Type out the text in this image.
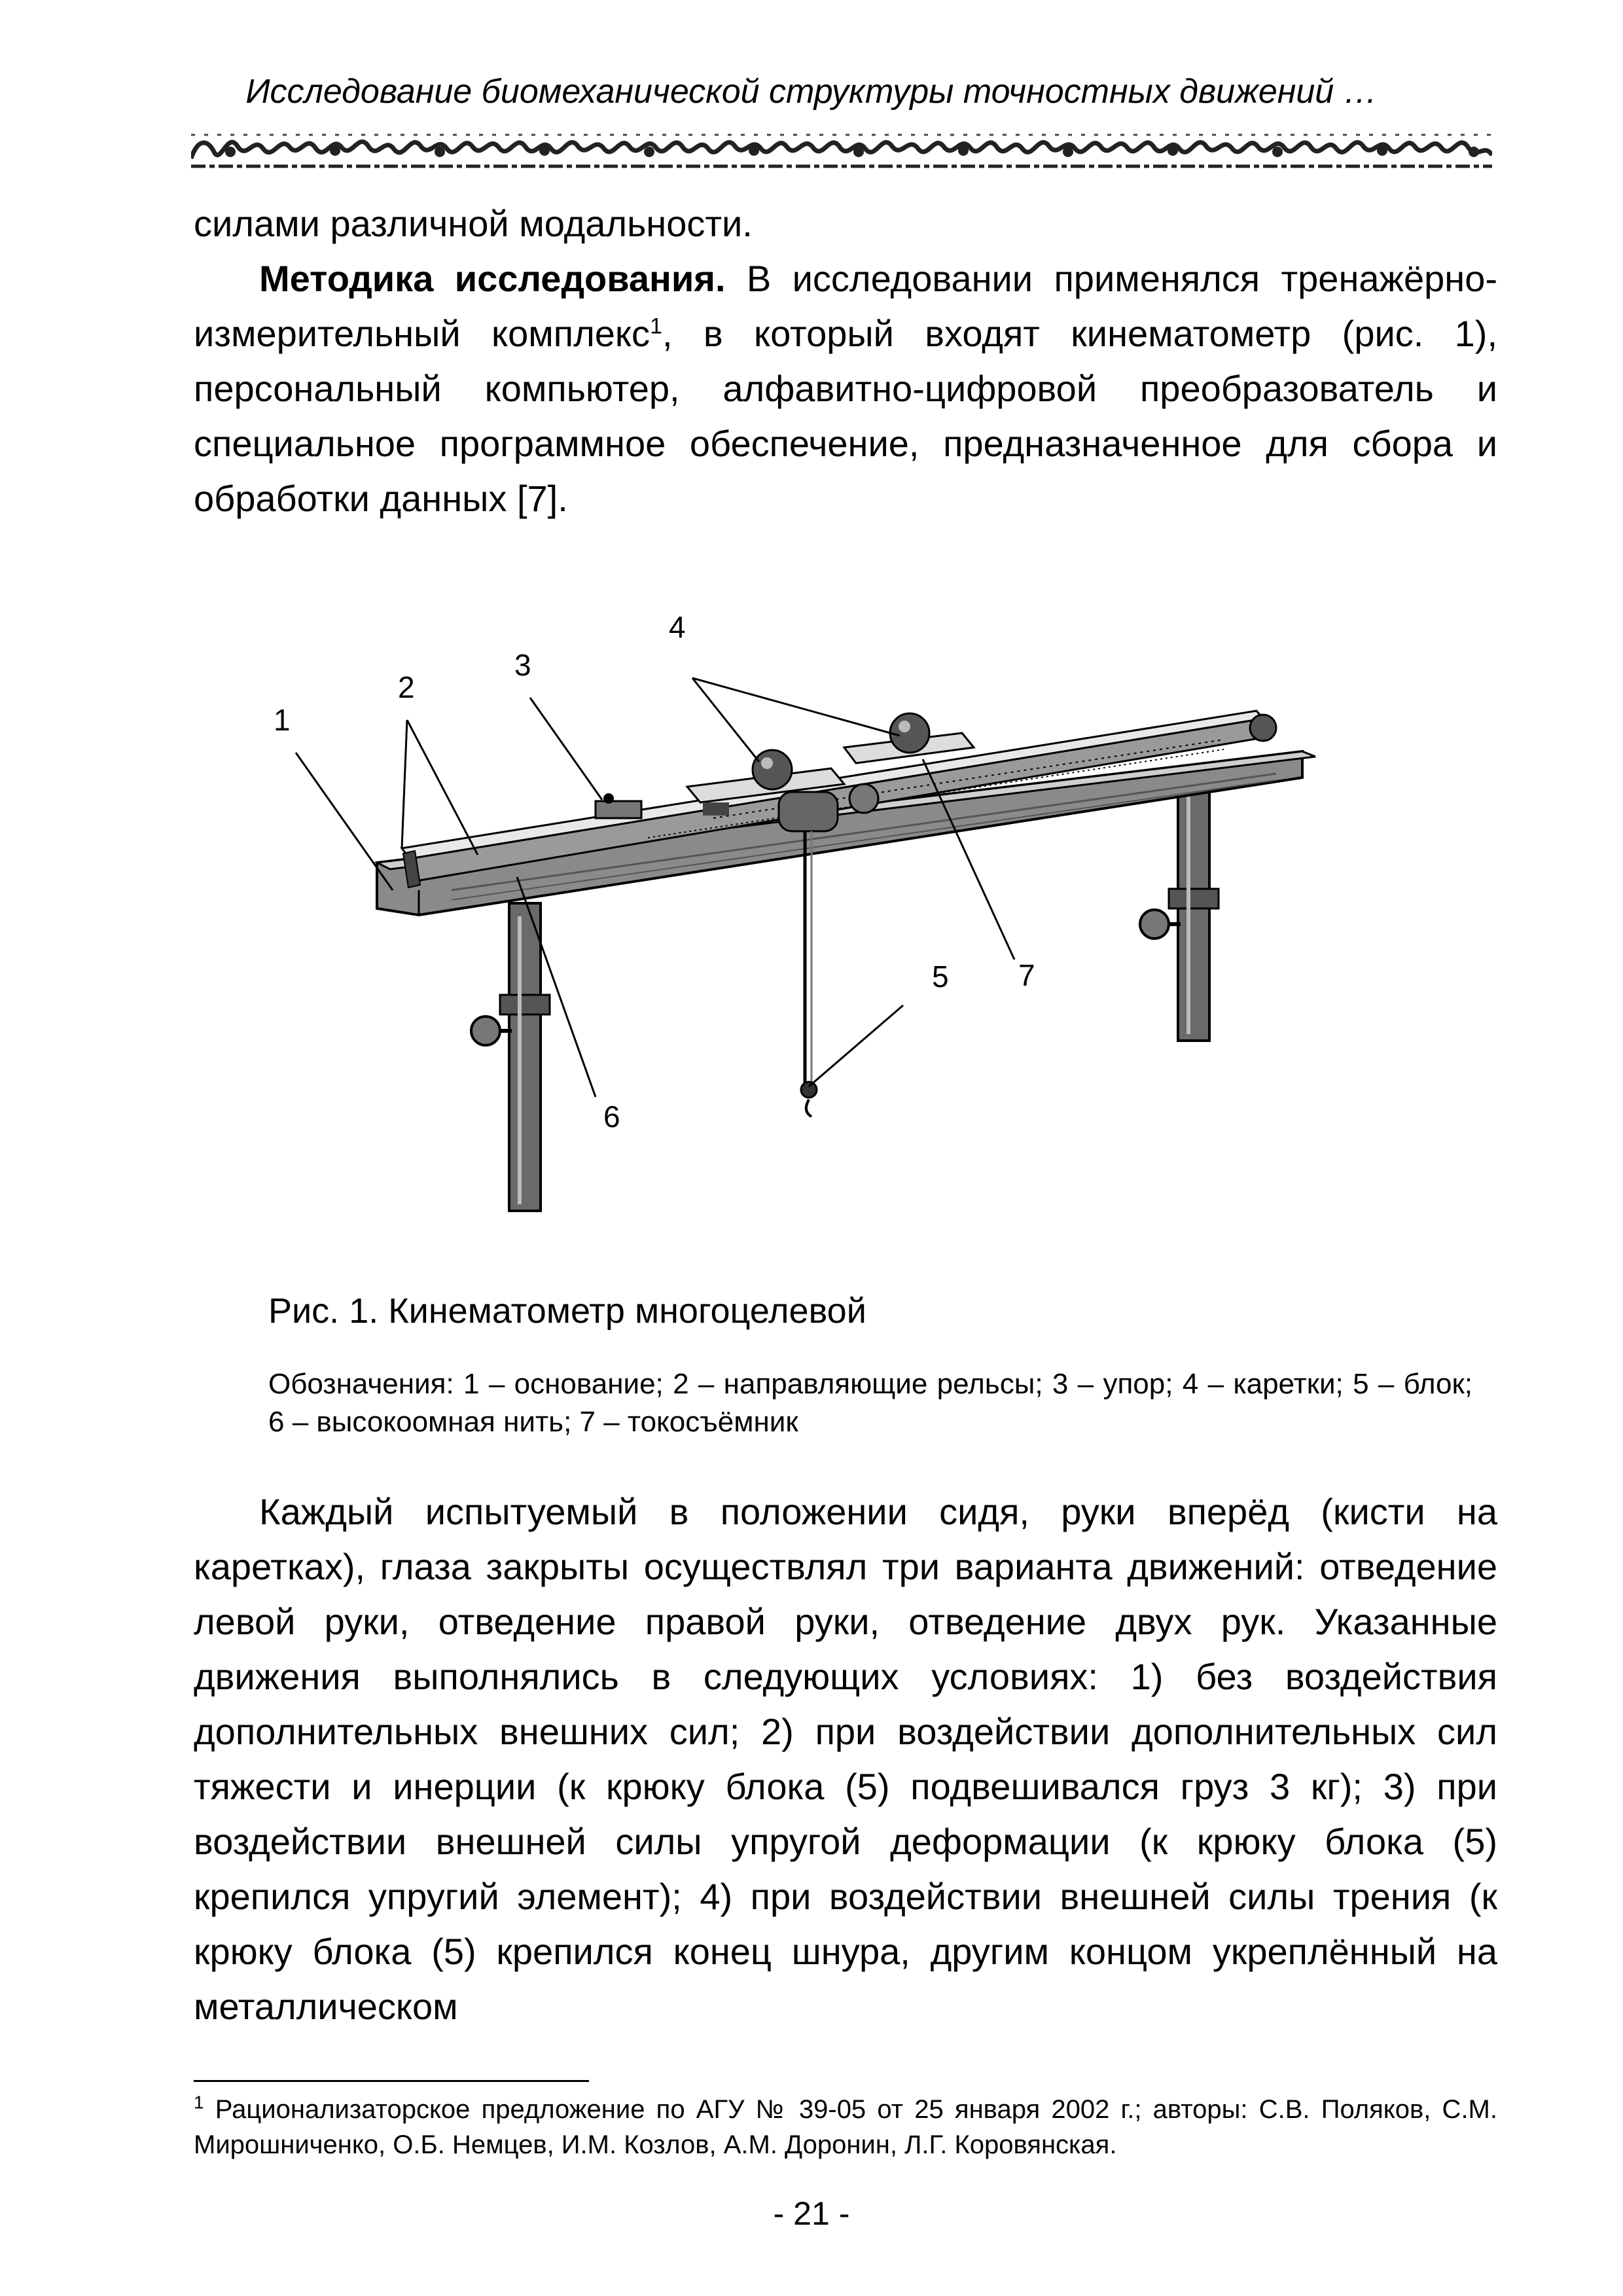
Исследование биомеханической структуры точностных движений …

силами различной модальности.

Методика исследования. В исследовании применялся тренажёрно-измерительный комплекс$^1$, в который входят кинематометр (рис. 1), персональный компьютер, алфавитно-цифровой преобразователь и специальное программное обеспечение, предназначенное для сбора и обработки данных [7].

1
2
3
4
5
6
7
Рис. 1. Кинематометр многоцелевой
Обозначения: 1 – основание; 2 – направляющие рельсы; 3 – упор; 4 – каретки; 5 – блок; 6 – высокоомная нить; 7 – токосъёмник

Каждый испытуемый в положении сидя, руки вперёд (кисти на каретках), глаза закрыты осуществлял три варианта движений: отведение левой руки, отведение правой руки, отведение двух рук. Указанные движения выполнялись в следующих условиях: 1) без воздействия дополнительных внешних сил; 2) при воздействии дополнительных сил тяжести и инерции (к крюку блока (5) подвешивался груз 3 кг); 3) при воздействии внешней силы упругой деформации (к крюку блока (5) крепился упругий элемент); 4) при воздействии внешней силы трения (к крюку блока (5) крепился конец шнура, другим концом укреплённый на металлическом

$^1$ Рационализаторское предложение по АГУ № 39-05 от 25 января 2002 г.; авторы: С.В. Поляков, С.М. Мирошниченко, О.Б. Немцев, И.М. Козлов, А.М. Доронин, Л.Г. Коровянская.
- 21 -
